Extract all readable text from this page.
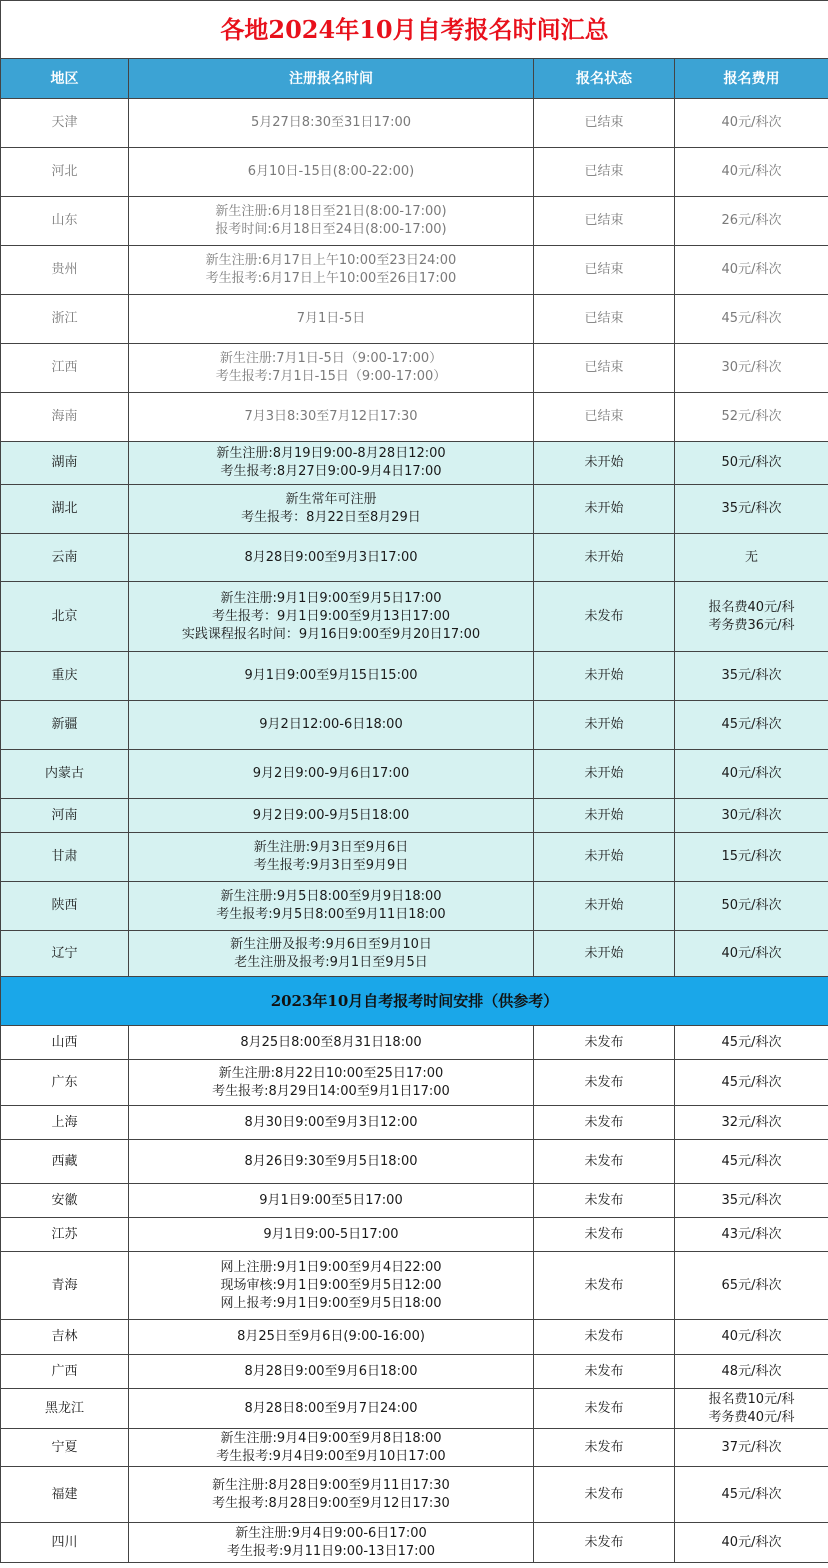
各地2024年10月自考报名时间汇总			
地区	注册报名时间	报名状态	报名费用
天津	5月27日8:30至31日17:00	已结束	40元/科次

河北	6月10日-15日(8:00-22:00)	已结束	40元/科次

山东	新生注册:6月18日至21日(8:00-17:00)
报考时间:6月18日至24日(8:00-17:00)	已结束	26元/科次

贵州	新生注册:6月17日上午10:00至23日24:00
考生报考:6月17日上午10:00至26日17:00	已结束	40元/科次

浙江	7月1日-5日	已结束	45元/科次

江西	新生注册:7月1日-5日（9:00-17:00）
考生报考:7月1日-15日（9:00-17:00）	已结束	30元/科次

海南	7月3日8:30至7月12日17:30	已结束	52元/科次

湖南	新生注册:8月19日9:00-8月28日12:00
考生报考:8月27日9:00-9月4日17:00	未开始	50元/科次

湖北	新生常年可注册
考生报考：8月22日至8月29日	未开始	35元/科次

云南	8月28日9:00至9月3日17:00	未开始	无

北京	新生注册:9月1日9:00至9月5日17:00
考生报考：9月1日9:00至9月13日17:00
实践课程报名时间：9月16日9:00至9月20日17:00	未发布	报名费40元/科
考务费36元/科

重庆	9月1日9:00至9月15日15:00	未开始	35元/科次

新疆	9月2日12:00-6日18:00	未开始	45元/科次

内蒙古	9月2日9:00-9月6日17:00	未开始	40元/科次

河南	9月2日9:00-9月5日18:00	未开始	30元/科次

甘肃	新生注册:9月3日至9月6日
考生报考:9月3日至9月9日	未开始	15元/科次

陕西	新生注册:9月5日8:00至9月9日18:00
考生报考:9月5日8:00至9月11日18:00	未开始	50元/科次

辽宁	新生注册及报考:9月6日至9月10日
老生注册及报考:9月1日至9月5日	未开始	40元/科次

2023年10月自考报考时间安排（供参考）			
山西	8月25日8:00至8月31日18:00	未发布	45元/科次

广东	新生注册:8月22日10:00至25日17:00
考生报考:8月29日14:00至9月1日17:00	未发布	45元/科次

上海	8月30日9:00至9月3日12:00	未发布	32元/科次

西藏	8月26日9:30至9月5日18:00	未发布	45元/科次

安徽	9月1日9:00至5日17:00	未发布	35元/科次

江苏	9月1日9:00-5日17:00	未发布	43元/科次

青海	网上注册:9月1日9:00至9月4日22:00
现场审核:9月1日9:00至9月5日12:00
网上报考:9月1日9:00至9月5日18:00	未发布	65元/科次

吉林	8月25日至9月6日(9:00-16:00)	未发布	40元/科次

广西	8月28日9:00至9月6日18:00	未发布	48元/科次

黑龙江	8月28日8:00至9月7日24:00	未发布	报名费10元/科
考务费40元/科

宁夏	新生注册:9月4日9:00至9月8日18:00
考生报考:9月4日9:00至9月10日17:00	未发布	37元/科次

福建	新生注册:8月28日9:00至9月11日17:30
考生报考:8月28日9:00至9月12日17:30	未发布	45元/科次

四川	新生注册:9月4日9:00-6日17:00
考生报考:9月11日9:00-13日17:00	未发布	40元/科次
